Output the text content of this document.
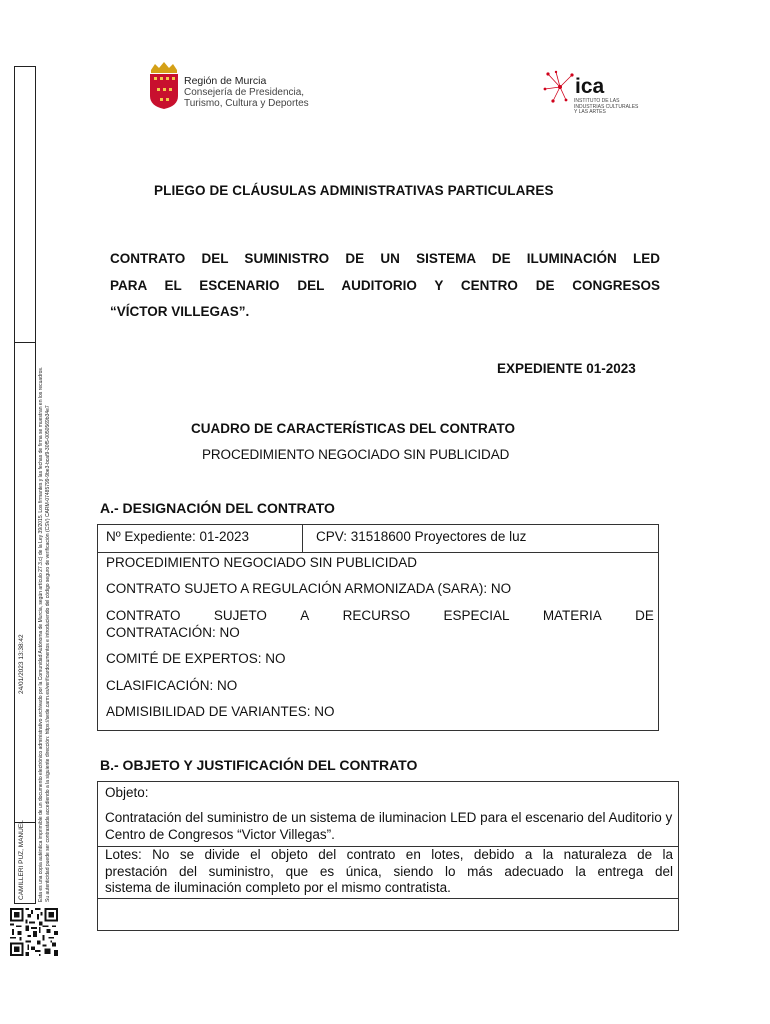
CAMILLERI PUZ, MANUEL
24/01/2023 13:38:42	Esta es una copia auténtica imprimible de un documento electrónico administrativo archivado por la Comunidad Autónoma de Murcia, según artículo 27.3.c) de la Ley 39/2015. Los firmantes y las fechas de firma se muestran en los recuadros. Su autenticidad puede ser contrastada accediendo a la siguiente dirección: https://sede.carm.es/verificardocumentos e introduciendo del código seguro de verificación (CSV) CARM-07485799-9be3-bcaf9-30f5-0050569b34e7
Región de Murcia
Consejería de Presidencia,
Turismo, Cultura y Deportes
ica
INSTITUTO DE LAS
INDUSTRIAS CULTURALES
Y LAS ARTES
PLIEGO DE CLÁUSULAS ADMINISTRATIVAS PARTICULARES
CONTRATO DEL SUMINISTRO DE UN SISTEMA DE ILUMINACIÓN LED
PARA EL ESCENARIO DEL AUDITORIO Y CENTRO DE CONGRESOS
“VÍCTOR VILLEGAS”.
EXPEDIENTE 01-2023
CUADRO DE CARACTERÍSTICAS DEL CONTRATO
PROCEDIMIENTO NEGOCIADO SIN PUBLICIDAD
A.- DESIGNACIÓN DEL CONTRATO
Nº Expediente: 01-2023	CPV: 31518600 Proyectores de luz
PROCEDIMIENTO NEGOCIADO SIN PUBLICIDAD
CONTRATO SUJETO A REGULACIÓN ARMONIZADA (SARA): NO
CONTRATO SUJETO A RECURSO ESPECIAL MATERIA DE
CONTRATACIÓN: NO
COMITÉ DE EXPERTOS: NO
CLASIFICACIÓN: NO
ADMISIBILIDAD DE VARIANTES: NO
B.- OBJETO Y JUSTIFICACIÓN DEL CONTRATO
Objeto:
Contratación del suministro de un sistema de iluminacion LED para el escenario del Auditorio y Centro de Congresos “Victor Villegas”.
Lotes: No se divide el objeto del contrato en lotes, debido a la naturaleza de la
prestación del suministro, que es única, siendo lo más adecuado la entrega del
sistema de iluminación completo por el mismo contratista.
